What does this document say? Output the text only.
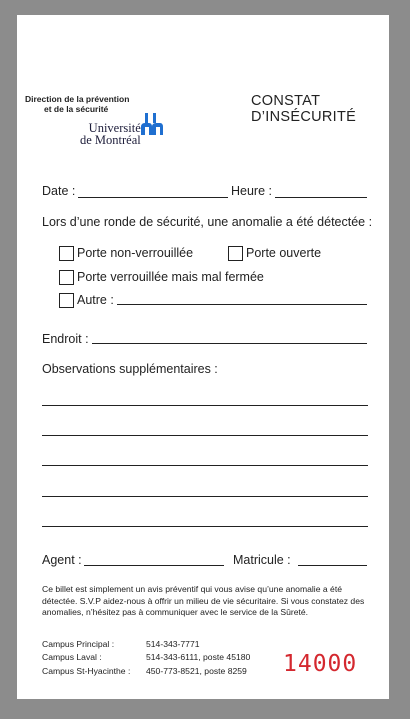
Direction de la prévention
et de la sécurité
Université
de Montréal
CONSTAT
D’INSÉCURITÉ
Date :	Heure :
Lors d’une ronde de sécurité, une anomalie a été détectée :
Porte non-verrouillée	Porte ouverte
Porte verrouillée mais mal fermée
Autre :
Endroit :
Observations supplémentaires :
Agent :	Matricule :
Ce billet est simplement un avis préventif qui vous avise qu’une anomalie a été détectée. S.V.P aidez-nous à offrir un milieu de vie sécuritaire. Si vous constatez des anomalies, n’hésitez pas à communiquer avec le service de la Sûreté.
Campus Principal :	514-343-7771
Campus Laval :	514-343-6111, poste 45180
Campus St-Hyacinthe : 450-773-8521, poste 8259 14000
